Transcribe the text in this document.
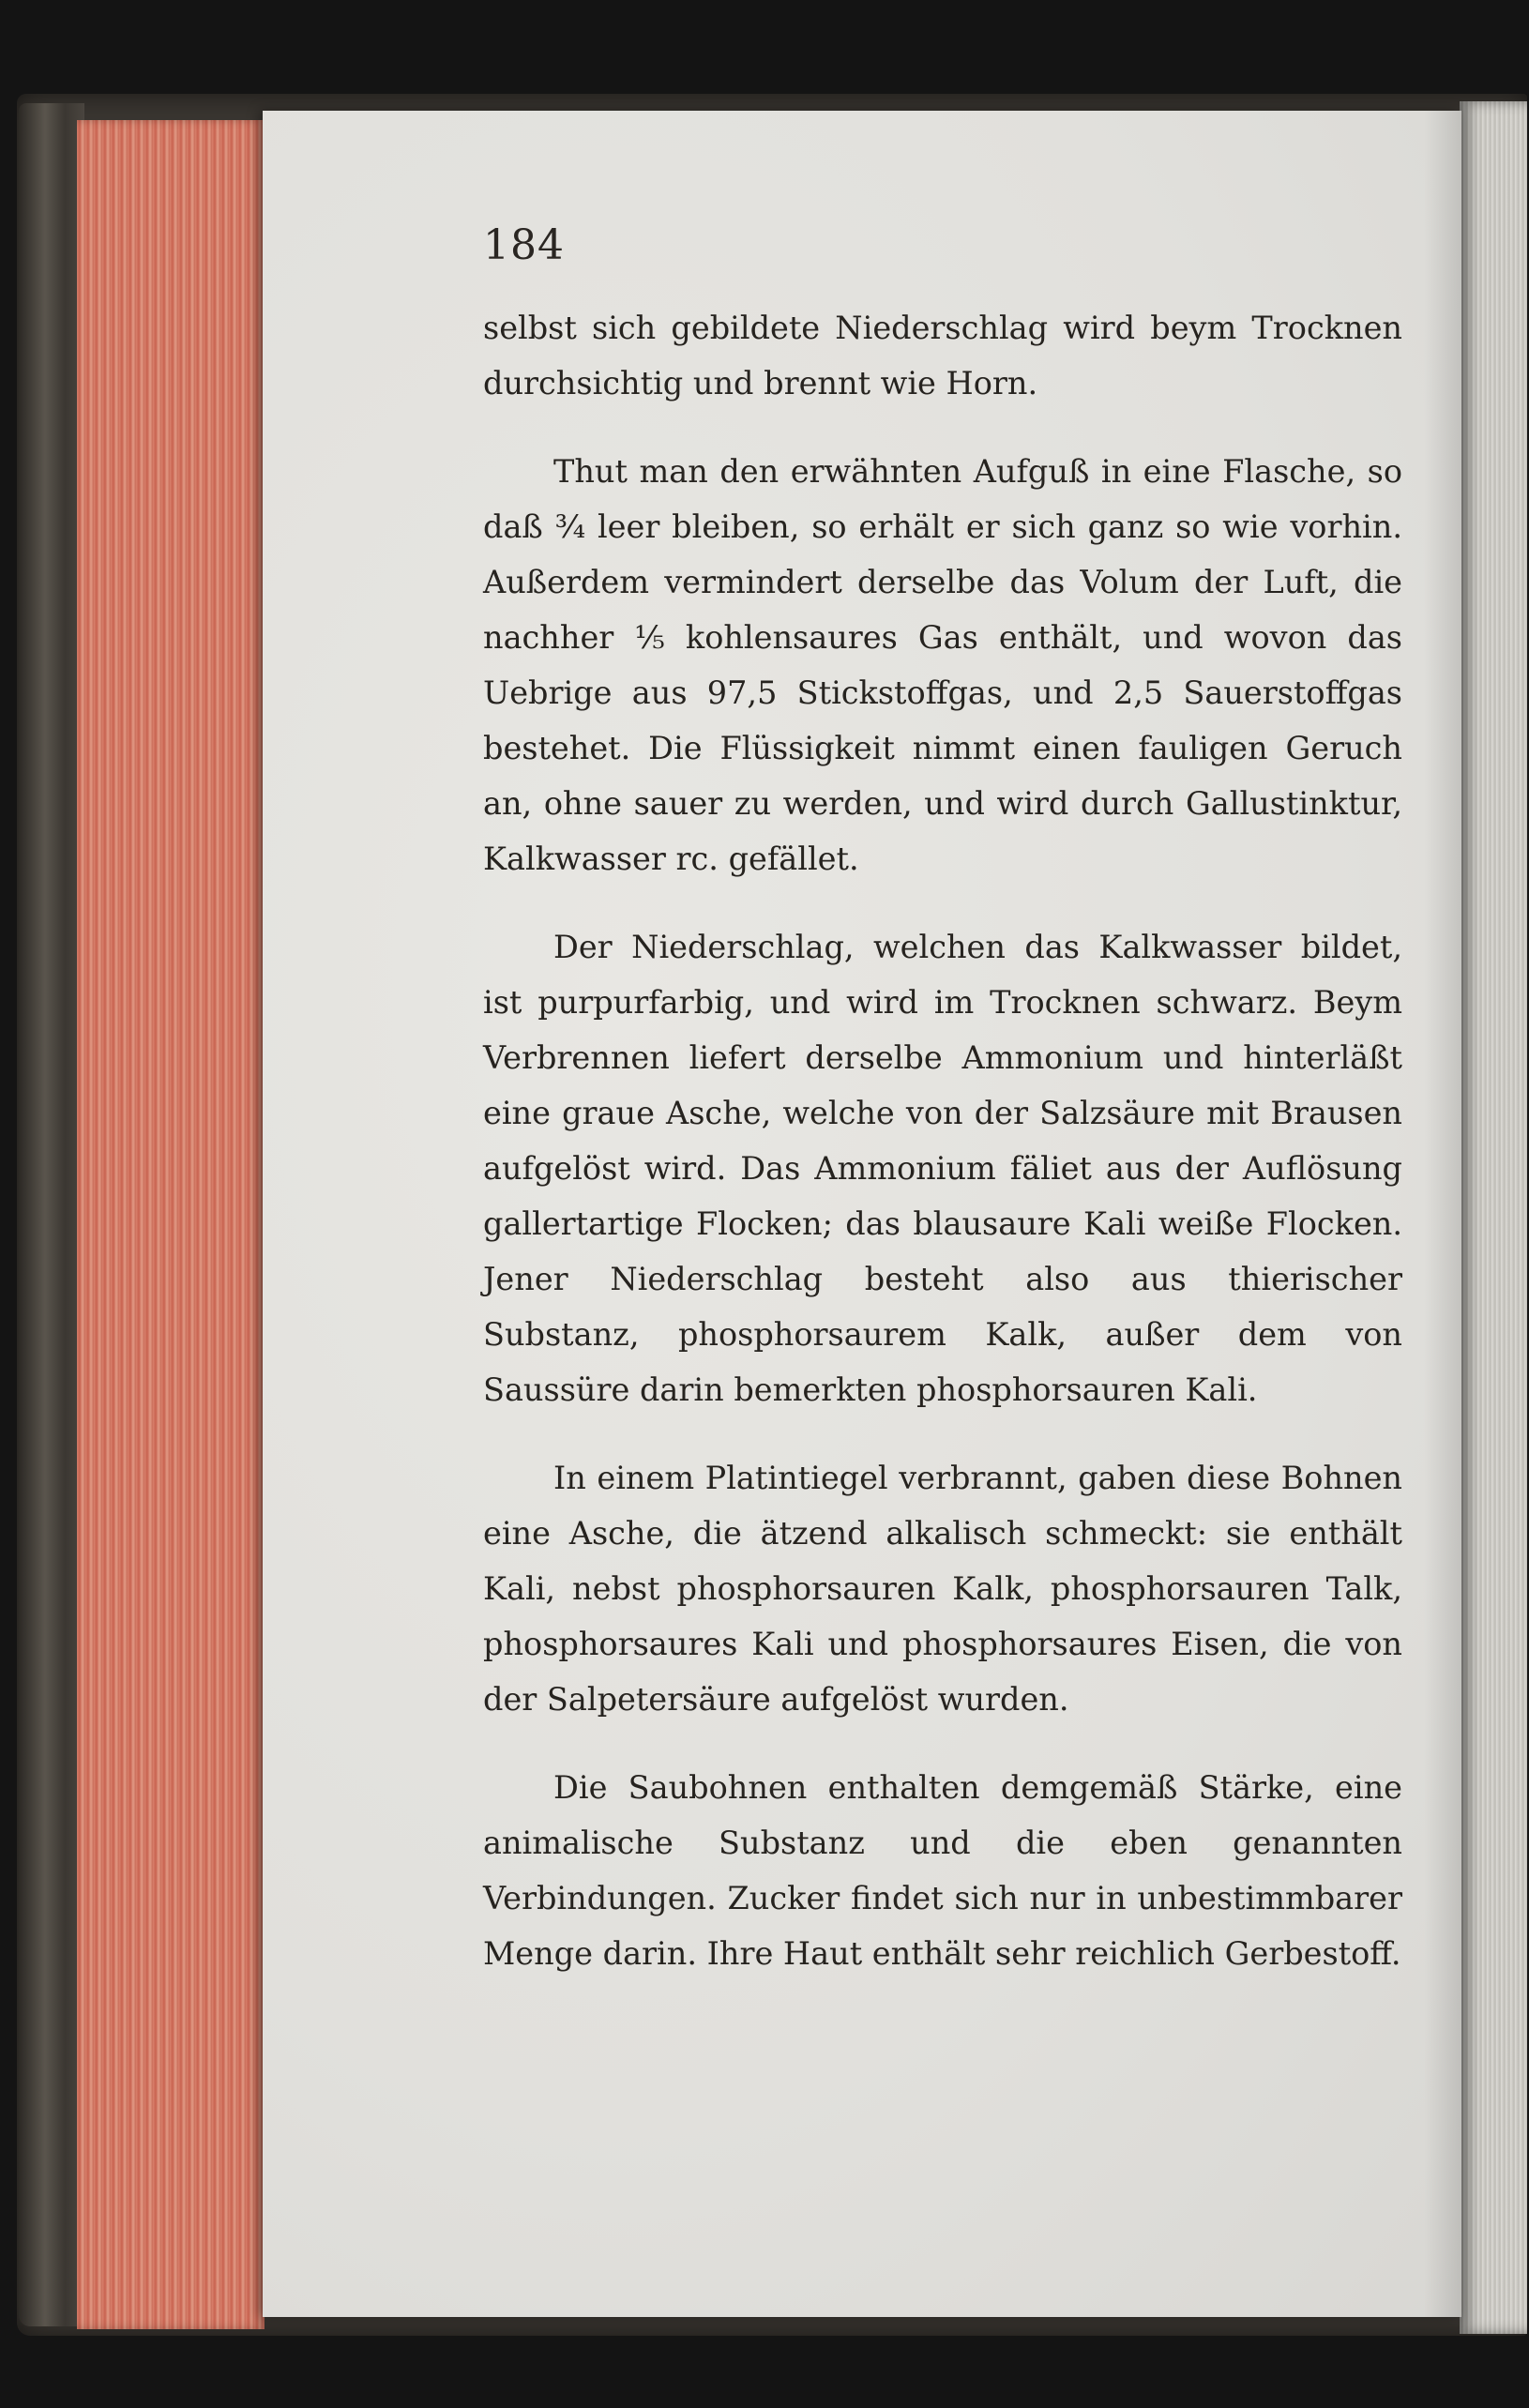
184

selbst sich gebildete Niederschlag wird beym Trocknen durchsichtig und brennt wie Horn.

Thut man den erwähnten Aufguß in eine Flasche, so daß ¾ leer bleiben, so erhält er sich ganz so wie vorhin. Außerdem vermindert derselbe das Volum der Luft, die nachher ⅕ kohlensaures Gas enthält, und wovon das Uebrige aus 97,5 Stickstoffgas, und 2,5 Sauerstoffgas bestehet. Die Flüssigkeit nimmt einen fauligen Geruch an, ohne sauer zu werden, und wird durch Gallustinktur, Kalkwasser rc. gefället.

Der Niederschlag, welchen das Kalkwasser bildet, ist purpurfarbig, und wird im Trocknen schwarz. Beym Verbrennen liefert derselbe Ammonium und hinterläßt eine graue Asche, welche von der Salzsäure mit Brausen aufgelöst wird. Das Ammonium fäliet aus der Auflösung gallertartige Flocken; das blausaure Kali weiße Flocken. Jener Niederschlag besteht also aus thierischer Substanz, phosphorsaurem Kalk, außer dem von Saussüre darin bemerkten phosphorsauren Kali.

In einem Platintiegel verbrannt, gaben diese Bohnen eine Asche, die ätzend alkalisch schmeckt: sie enthält Kali, nebst phosphorsauren Kalk, phosphorsauren Talk, phosphorsaures Kali und phosphorsaures Eisen, die von der Salpetersäure aufgelöst wurden.

Die Saubohnen enthalten demgemäß Stärke, eine animalische Substanz und die eben genannten Verbindungen. Zucker findet sich nur in unbestimmbarer Menge darin. Ihre Haut enthält sehr reichlich Gerbestoff.
